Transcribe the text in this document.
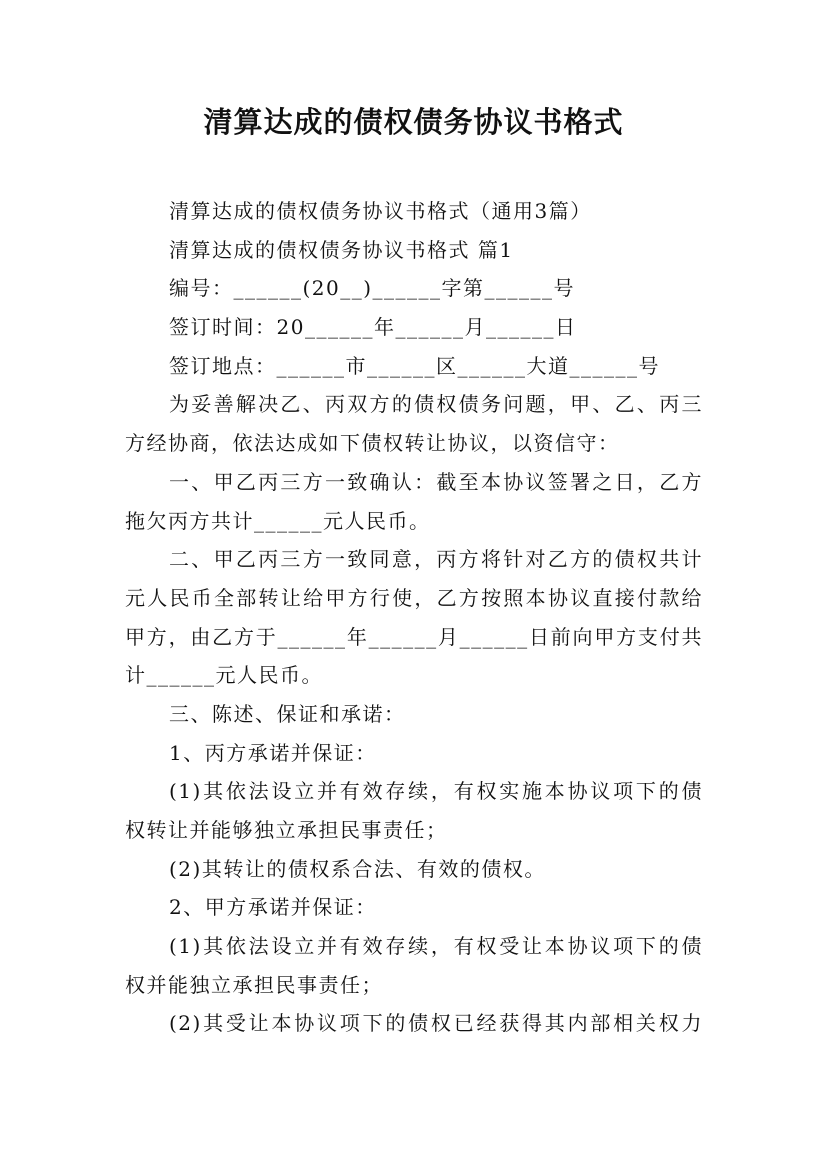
清算达成的债权债务协议书格式
清算达成的债权债务协议书格式（通用3篇）
清算达成的债权债务协议书格式 篇1
编号：______(20__)______字第______号
签订时间：20______年______月______日
签订地点：______市______区______大道______号
为妥善解决乙、丙双方的债权债务问题，甲、乙、丙三
方经协商，依法达成如下债权转让协议，以资信守：
一、甲乙丙三方一致确认：截至本协议签署之日，乙方
拖欠丙方共计______元人民币。
二、甲乙丙三方一致同意，丙方将针对乙方的债权共计
元人民币全部转让给甲方行使，乙方按照本协议直接付款给
甲方，由乙方于______年______月______日前向甲方支付共
计______元人民币。
三、陈述、保证和承诺：
1、丙方承诺并保证：
(1)其依法设立并有效存续，有权实施本协议项下的债
权转让并能够独立承担民事责任；
(2)其转让的债权系合法、有效的债权。
2、甲方承诺并保证：
(1)其依法设立并有效存续，有权受让本协议项下的债
权并能独立承担民事责任；
(2)其受让本协议项下的债权已经获得其内部相关权力
